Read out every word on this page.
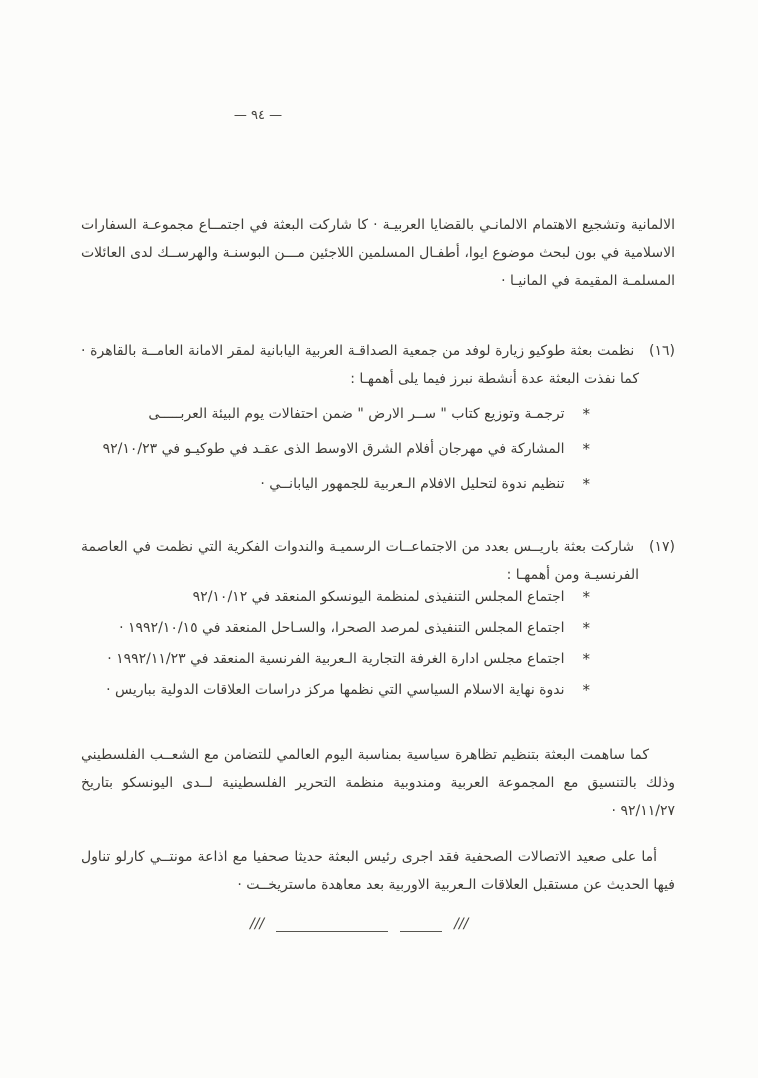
— ٩٤ —

الالمانية وتشجيع الاهتمام الالمانـي بالقضايا العربيـة · كا شاركت البعثة في اجتمــاع مجموعـة السفارات الاسلامية في بون لبحث موضوع ايوا، أطفـال المسلمين اللاجئين مـــن البوسنـة والهرســك لدى العائلات المسلمـة المقيمة في المانيـا ·

(١٦) نظمت بعثة طوكيو زيارة لوفد من جمعية الصداقـة العربية اليابانية لمقر الامانة العامــة بالقاهرة · كما نفذت البعثة عدة أنشطة نبرز فيما يلى أهمهـا :

*
ترجمـة وتوزيع كتاب " ســر الارض " ضمن احتفالات يوم البيئة العربـــــى
*
المشاركة في مهرجان أفلام الشرق الاوسط الذى عقـد في طوكيـو في ٩٢/١٠/٢٣
*
تنظيم ندوة لتحليل الافلام الـعربية للجمهور اليابانــي ·

(١٧) شاركت بعثة باريــس بعدد من الاجتماعــات الرسميـة والندوات الفكرية التي نظمت في العاصمة الفرنسيـة ومن أهمهـا :

*
اجتماع المجلس التنفيذى لمنظمة اليونسكو المنعقد في ٩٢/١٠/١٢
*
اجتماع المجلس التنفيذى لمرصد الصحرا، والسـاحل المنعقد في ١٩٩٢/١٠/١٥ ·
*
اجتماع مجلس ادارة الغرفة التجارية الـعربية الفرنسية المنعقد في ١٩٩٢/١١/٢٣ ·
*
ندوة نهاية الاسلام السياسي التي نظمها مركز دراسات العلاقات الدولية بباريس ·

كما ساهمت البعثة بتنظيم تظاهرة سياسية بمناسبة اليوم العالمي للتضامن مع الشعــب الفلسطيني وذلك بالتنسيق مع المجموعة العربية ومندوبية منظمة التحرير الفلسطينية لــدى اليونسكو بتاريخ ٩٢/١١/٢٧ ·

أما على صعيد الاتصالات الصحفية فقد اجرى رئيس البعثة حديثا صحفيا مع اذاعة مونتــي كارلو تناول فيها الحديث عن مستقبل العلاقات الـعربية الاوربية بعد معاهدة ماستريخــت ·

///	///
